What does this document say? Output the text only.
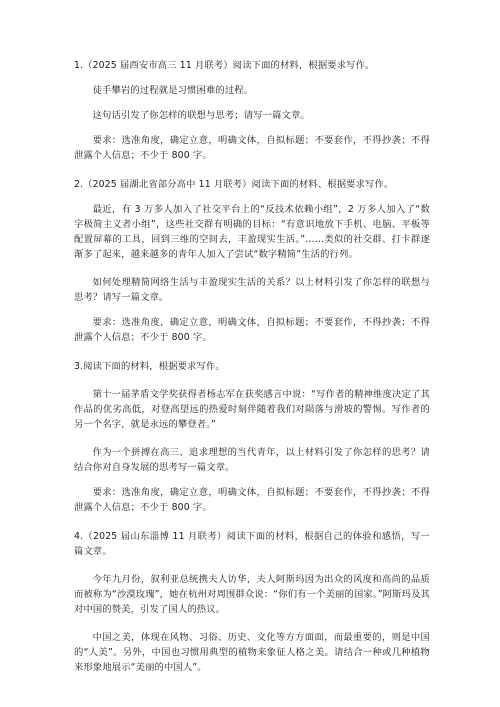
1.（2025 届西安市高三 11 月联考）阅读下面的材料，根据要求写作。

徒手攀岩的过程就是习惯困难的过程。

这句话引发了你怎样的联想与思考；请写一篇文章。

要求：选准角度，确定立意，明确文体，自拟标题；不要套作，不得抄袭；不得泄露个人信息；不少于 800 字。

2.（2025 届湖北省部分高中 11 月联考）阅读下面的材料、根据要求写作。

最近，有 3 万多人加入了社交平台上的“反技术依赖小组”，2 万多人加入了“数字极简主义者小组”，这些社交群有明确的目标：“有意识地放下手机、电脑、平板等配置屏幕的工具，回到三维的空间去，丰盈现实生活。”……类似的社交群、打卡群逐渐多了起来，越来越多的青年人加入了尝试“数字精简”生活的行列。

如何处理精简网络生活与丰盈现实生活的关系？以上材料引发了你怎样的联想与思考？请写一篇文章。

要求：选准角度，确定立意，明确文体，自拟标题；不要套作，不得抄袭；不得泄露个人信息；不少于 800 字。

3.阅读下面的材料，根据要求写作。

第十一届茅盾文学奖获得者杨志军在获奖感言中说：“写作者的精神维度决定了其作品的优劣高低，对登高望远的热爱时刻伴随着我们对陨落与滑坡的警惕。写作者的另一个名字，就是永远的攀登者。”

作为一个拼搏在高三、追求理想的当代青年，以上材料引发了你怎样的思考？请结合你对自身发展的思考写一篇文章。

要求：选准角度，确定立意，明确文体，自拟标题；不要套作，不得抄袭；不得泄露个人信息；不少于 800 字。

4.（2025 届山东淄博 11 月联考）阅读下面的材料，根据自己的体验和感悟，写一篇文章。

今年九月份，叙利亚总统携夫人访华，夫人阿斯玛因为出众的风度和高尚的品质而被称为“沙漠玫瑰”，她在杭州对周围群众说：“你们有一个美丽的国家。”阿斯玛及其对中国的赞美，引发了国人的热议。

中国之美，体现在风物、习俗、历史、文化等方方面面，而最重要的，则是中国的“人美”。另外，中国也习惯用典型的植物来象征人格之美。请结合一种或几种植物来形象地展示“美丽的中国人”。
